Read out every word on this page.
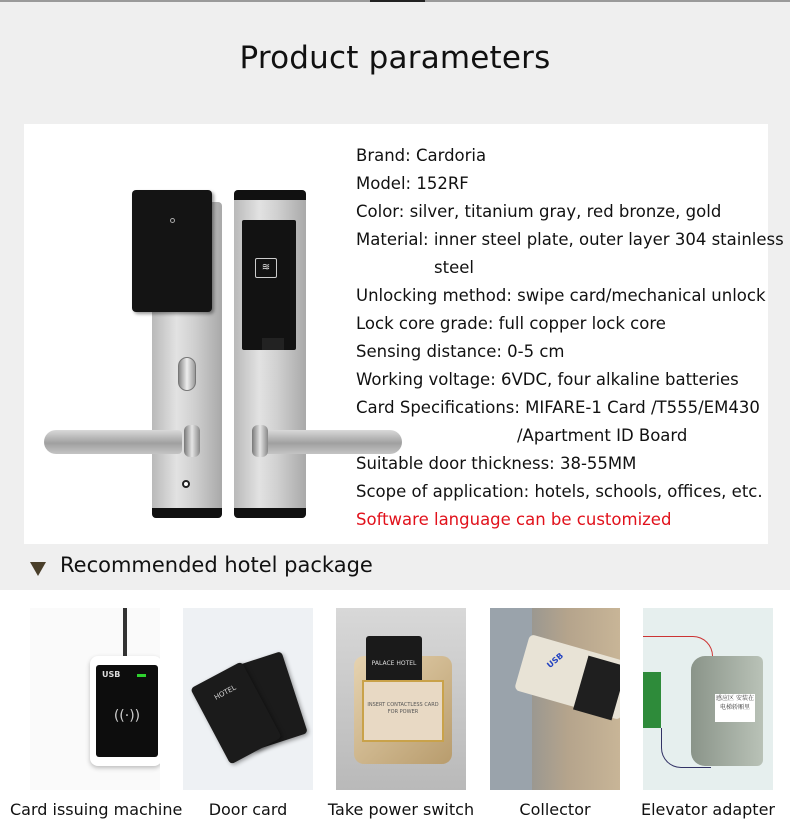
Product parameters
≋
Brand: Cardoria
Model: 152RF
Color: silver, titanium gray, red bronze, gold
Material: inner steel plate, outer layer 304 stainless
steel
Unlocking method: swipe card/mechanical unlock
Lock core grade: full copper lock core
Sensing distance: 0-5 cm
Working voltage: 6VDC, four alkaline batteries
Card Specifications: MIFARE-1 Card /T555/EM430
/Apartment ID Board
Suitable door thickness: 38-55MM
Scope of application: hotels, schools, offices, etc.
Software language can be customized
Recommended hotel package
USB
((·))
Card issuing machine
HOTEL
Door card
PALACE HOTEL
INSERT CONTACTLESS CARD FOR POWER
Take power switch
USB
Collector
感应区 安装在电梯轿厢里
Elevator adapter
